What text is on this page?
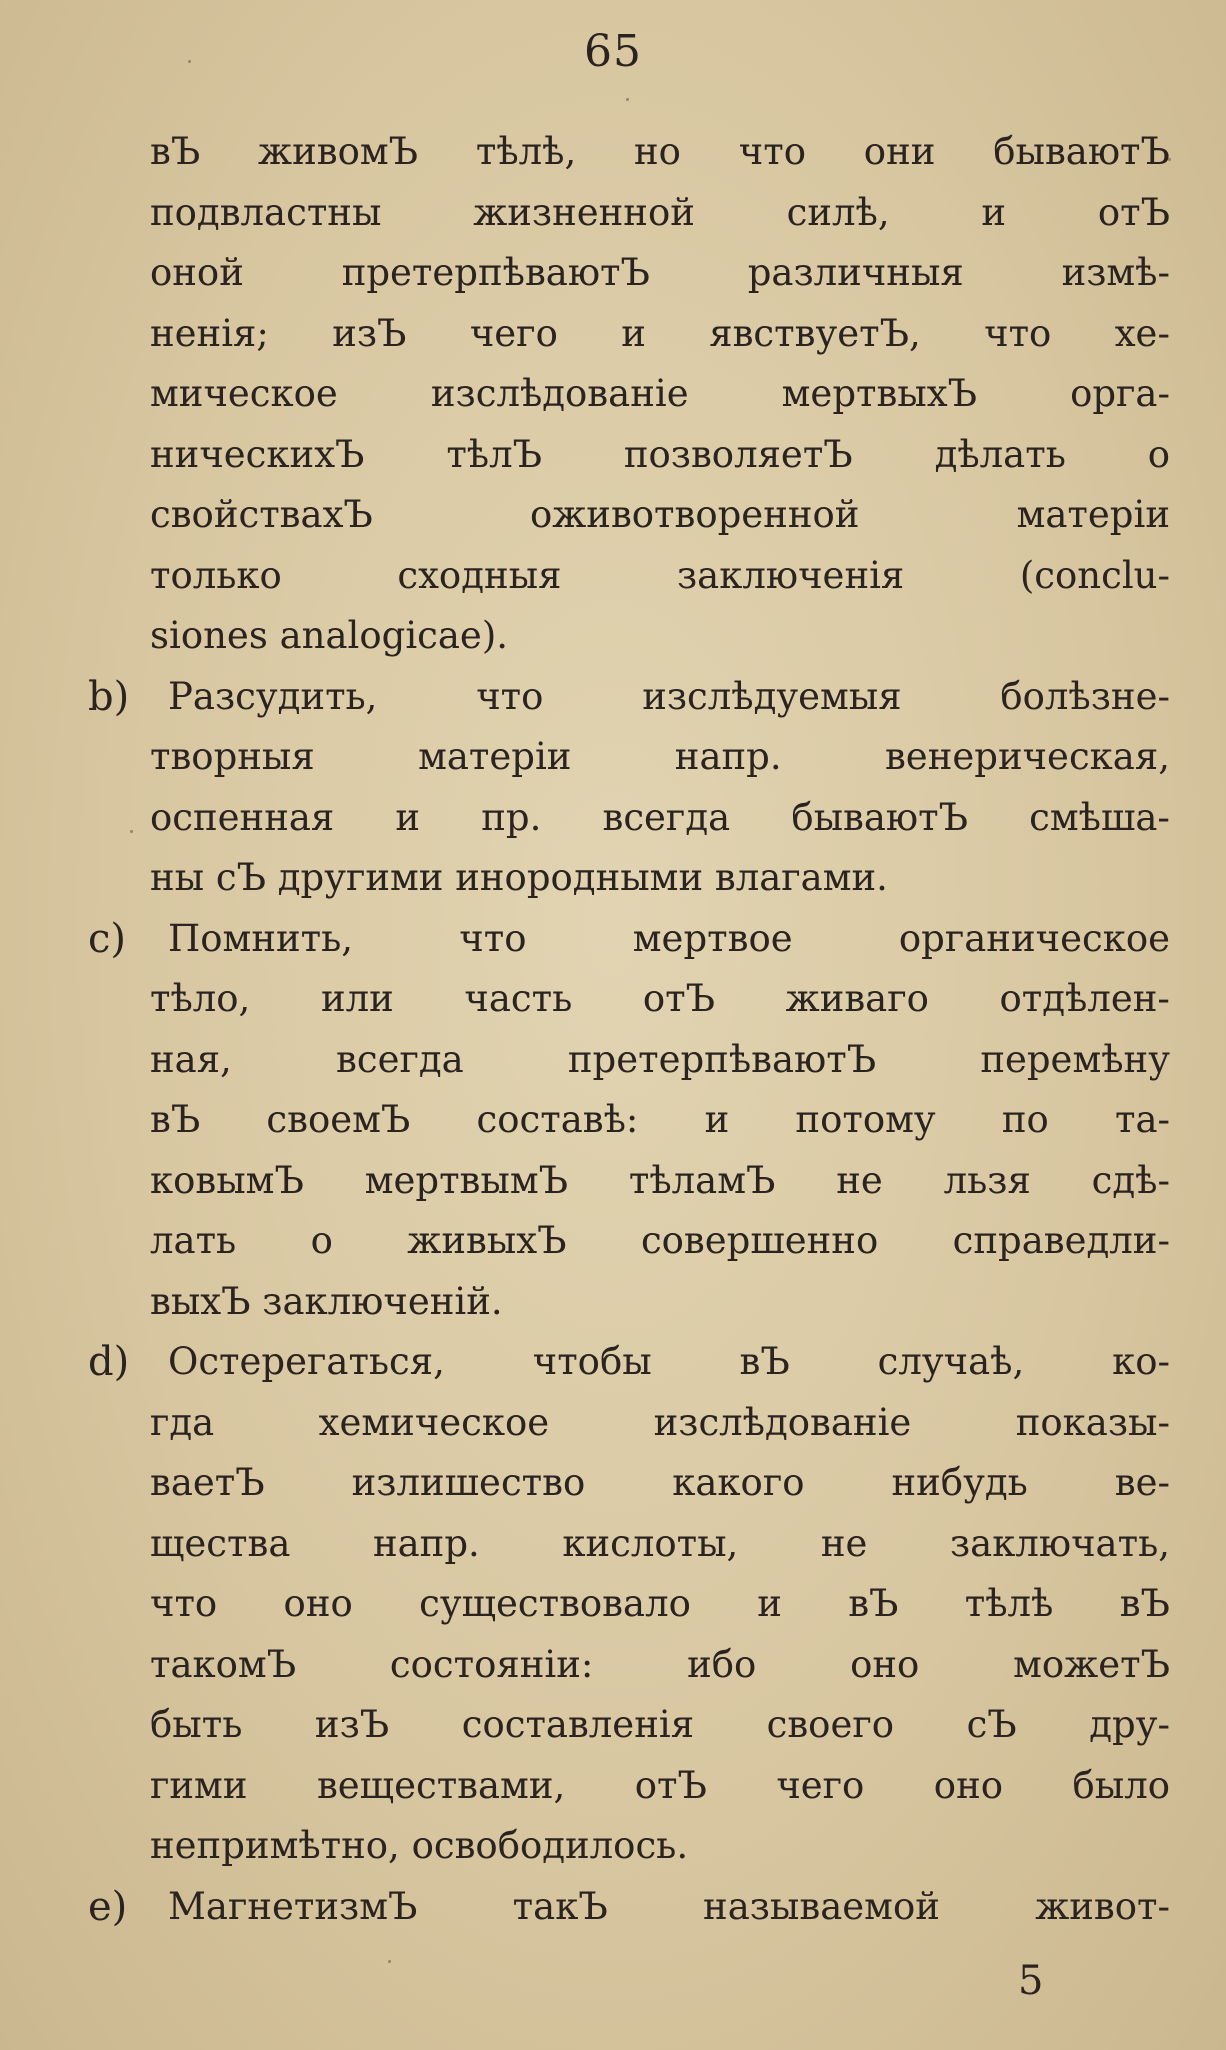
65
вЪ живомЪ тѣлѣ, но что они бываютЪ
подвластны жизненной силѣ, и отЪ
оной	претерпѣваютЪ	различныя	измѣ-
ненія; изЪ чего и явствуетЪ, что хе-
мическое	изслѣдованіе	мертвыхЪ	орга-
ническихЪ тѣлЪ позволяетЪ дѣлать о
свойствахЪ	оживотворенной	матеріи
только	сходныя	заключенія	(conclu-
siones analogicae).
b) Разсудить,	что	изслѣдуемыя	болѣзне-
творныя	матеріи	напр.	венерическая,
оспенная и пр. всегда бываютЪ смѣша-
ны сЪ другими инородными влагами.
c) Помнить,	что	мертвое	органическое
тѣло, или часть отЪ живаго отдѣлен-
ная,	всегда	претерпѣваютЪ	перемѣну
вЪ своемЪ составѣ: и потому по та-
ковымЪ мертвымЪ тѣламЪ не льзя сдѣ-
лать о живыхЪ совершенно справедли-
выхЪ заключеній.
d) Остерегаться, чтобы вЪ случаѣ, ко-
гда	хемическое	изслѣдованіе	показы-
ваетЪ излишество какого нибудь ве-
щества напр. кислоты, не заключать,
что оно существовало и вЪ тѣлѣ вЪ
такомЪ	состояніи:	ибо	оно	можетЪ
быть изЪ составленія своего сЪ дру-
гими веществами, отЪ чего оно было
непримѣтно, освободилось.
e) МагнетизмЪ	такЪ	называемой	живот-
5
